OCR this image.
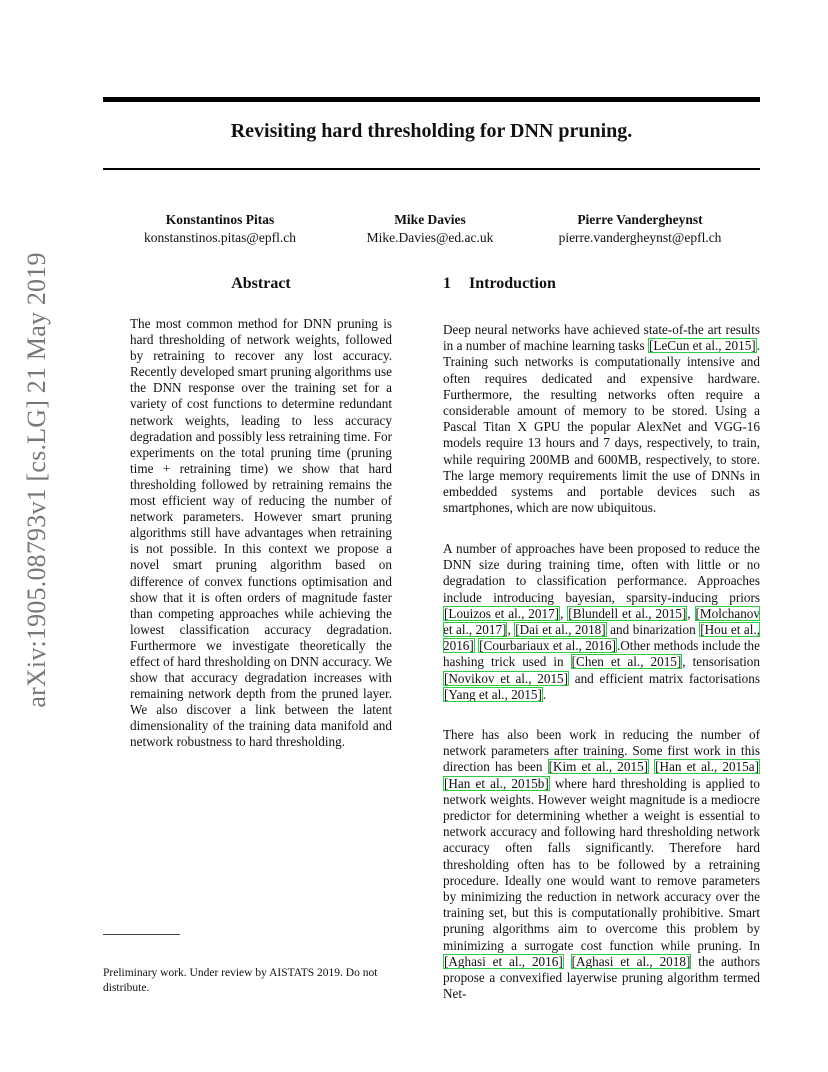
arXiv:1905.08793v1 [cs.LG] 21 May 2019
Revisiting hard thresholding for DNN pruning.
Konstantinos Pitas
konstanstinos.pitas@epfl.ch
Mike Davies
Mike.Davies@ed.ac.uk
Pierre Vandergheynst
pierre.vandergheynst@epfl.ch
Abstract
The most common method for DNN pruning is hard thresholding of network weights, followed by retraining to recover any lost accuracy. Recently developed smart pruning algorithms use the DNN response over the training set for a variety of cost functions to determine redundant network weights, leading to less accuracy degradation and possibly less retraining time. For experiments on the total pruning time (pruning time + retraining time) we show that hard thresholding followed by retraining remains the most efficient way of reducing the number of network parameters. However smart pruning algorithms still have advantages when retraining is not possible. In this context we propose a novel smart pruning algorithm based on difference of convex functions optimisation and show that it is often orders of magnitude faster than competing approaches while achieving the lowest classification accuracy degradation. Furthermore we investigate theoretically the effect of hard thresholding on DNN accuracy. We show that accuracy degradation increases with remaining network depth from the pruned layer. We also discover a link between the latent dimensionality of the training data manifold and network robustness to hard thresholding.
1 Introduction
Deep neural networks have achieved state-of-the art results in a number of machine learning tasks [LeCun et al., 2015]. Training such networks is computationally intensive and often requires dedicated and expensive hardware. Furthermore, the resulting networks often require a considerable amount of memory to be stored. Using a Pascal Titan X GPU the popular AlexNet and VGG-16 models require 13 hours and 7 days, respectively, to train, while requiring 200MB and 600MB, respectively, to store. The large memory requirements limit the use of DNNs in embedded systems and portable devices such as smartphones, which are now ubiquitous.
A number of approaches have been proposed to reduce the DNN size during training time, often with little or no degradation to classification performance. Approaches include introducing bayesian, sparsity-inducing priors [Louizos et al., 2017], [Blundell et al., 2015], [Molchanov et al., 2017], [Dai et al., 2018] and binarization [Hou et al., 2016] [Courbariaux et al., 2016].Other methods include the hashing trick used in [Chen et al., 2015], tensorisation [Novikov et al., 2015] and efficient matrix factorisations [Yang et al., 2015].
There has also been work in reducing the number of network parameters after training. Some first work in this direction has been [Kim et al., 2015] [Han et al., 2015a] [Han et al., 2015b] where hard thresholding is applied to network weights. However weight magnitude is a mediocre predictor for determining whether a weight is essential to network accuracy and following hard thresholding network accuracy often falls significantly. Therefore hard thresholding often has to be followed by a retraining procedure. Ideally one would want to remove parameters by minimizing the reduction in network accuracy over the training set, but this is computationally prohibitive. Smart pruning algorithms aim to overcome this problem by minimizing a surrogate cost function while pruning. In [Aghasi et al., 2016] [Aghasi et al., 2018] the authors propose a convexified layerwise pruning algorithm termed Net-
Preliminary work. Under review by AISTATS 2019. Do not distribute.
